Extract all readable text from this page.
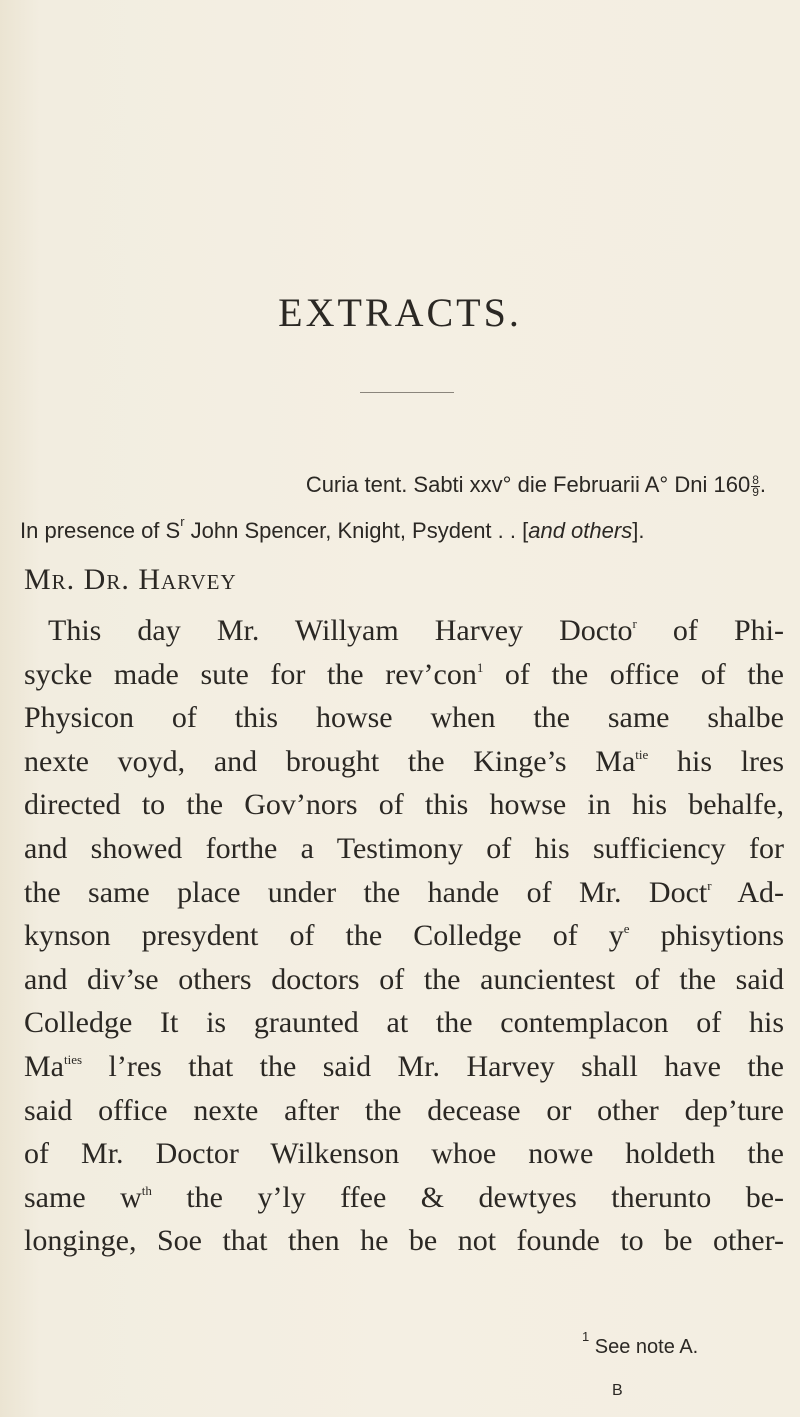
EXTRACTS.
Curia tent. Sabti xxv° die Februarii A° Dni $160 \frac{8}{9}$ .
In presence of $S^r$ John Spencer, Knight, Psydent . . [and others].
Mr. Dr. Harvey
This day Mr. Willyam Harvey Docto$^r$ of Phi-
sycke made sute for the rev’con$^1$ of the office of the
Physicon of this howse when the same shalbe
nexte voyd, and brought the Kinge’s $Ma^{tie}$ his lres
directed to the Gov’nors of this howse in his behalfe,
and showed forthe a Testimony of his sufficiency for
the same place under the hande of Mr. Doct$^r$ Ad-
kynson presydent of the Colledge of $y^e$ phisytions
and div’se others doctors of the auncientest of the said
Colledge It is graunted at the contemplacon of his
$Ma^{ties}$ l’res that the said Mr. Harvey shall have the
said office nexte after the decease or other dep’ture
of Mr. Doctor Wilkenson whoe nowe holdeth the
same $w^{th}$ the y’ly ffee & dewtyes therunto be-
longinge, Soe that then he be not founde to be other-
$^1$ See note A.
B
